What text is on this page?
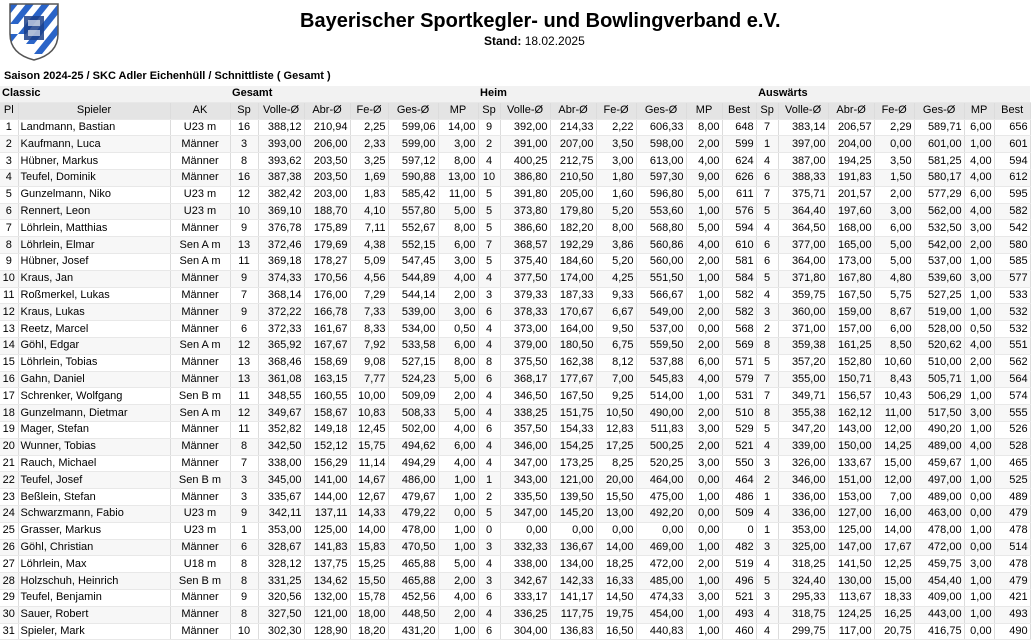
Bayerischer Sportkegler- und Bowlingverband e.V.
Stand: 18.02.2025
Saison 2024-25 / SKC Adler Eichenhüll / Schnittliste ( Gesamt )
Classic			Gesamt						Heim							Auswärts						
Pl	Spieler	AK	Sp	Volle-Ø	Abr-Ø	Fe-Ø	Ges-Ø	MP	Sp	Volle-Ø	Abr-Ø	Fe-Ø	Ges-Ø	MP	Best	Sp	Volle-Ø	Abr-Ø	Fe-Ø	Ges-Ø	MP	Best
1	Landmann, Bastian	U23 m	16	388,12	210,94	2,25	599,06	14,00	9	392,00	214,33	2,22	606,33	8,00	648	7	383,14	206,57	2,29	589,71	6,00	656
2	Kaufmann, Luca	Männer	3	393,00	206,00	2,33	599,00	3,00	2	391,00	207,00	3,50	598,00	2,00	599	1	397,00	204,00	0,00	601,00	1,00	601
3	Hübner, Markus	Männer	8	393,62	203,50	3,25	597,12	8,00	4	400,25	212,75	3,00	613,00	4,00	624	4	387,00	194,25	3,50	581,25	4,00	594
4	Teufel, Dominik	Männer	16	387,38	203,50	1,69	590,88	13,00	10	386,80	210,50	1,80	597,30	9,00	626	6	388,33	191,83	1,50	580,17	4,00	612
5	Gunzelmann, Niko	U23 m	12	382,42	203,00	1,83	585,42	11,00	5	391,80	205,00	1,60	596,80	5,00	611	7	375,71	201,57	2,00	577,29	6,00	595
6	Rennert, Leon	U23 m	10	369,10	188,70	4,10	557,80	5,00	5	373,80	179,80	5,20	553,60	1,00	576	5	364,40	197,60	3,00	562,00	4,00	582
7	Löhrlein, Matthias	Männer	9	376,78	175,89	7,11	552,67	8,00	5	386,60	182,20	8,00	568,80	5,00	594	4	364,50	168,00	6,00	532,50	3,00	542
8	Löhrlein, Elmar	Sen A m	13	372,46	179,69	4,38	552,15	6,00	7	368,57	192,29	3,86	560,86	4,00	610	6	377,00	165,00	5,00	542,00	2,00	580
9	Hübner, Josef	Sen A m	11	369,18	178,27	5,09	547,45	3,00	5	375,40	184,60	5,20	560,00	2,00	581	6	364,00	173,00	5,00	537,00	1,00	585
10	Kraus, Jan	Männer	9	374,33	170,56	4,56	544,89	4,00	4	377,50	174,00	4,25	551,50	1,00	584	5	371,80	167,80	4,80	539,60	3,00	577
11	Roßmerkel, Lukas	Männer	7	368,14	176,00	7,29	544,14	2,00	3	379,33	187,33	9,33	566,67	1,00	582	4	359,75	167,50	5,75	527,25	1,00	533
12	Kraus, Lukas	Männer	9	372,22	166,78	7,33	539,00	3,00	6	378,33	170,67	6,67	549,00	2,00	582	3	360,00	159,00	8,67	519,00	1,00	532
13	Reetz, Marcel	Männer	6	372,33	161,67	8,33	534,00	0,50	4	373,00	164,00	9,50	537,00	0,00	568	2	371,00	157,00	6,00	528,00	0,50	532
14	Göhl, Edgar	Sen A m	12	365,92	167,67	7,92	533,58	6,00	4	379,00	180,50	6,75	559,50	2,00	569	8	359,38	161,25	8,50	520,62	4,00	551
15	Löhrlein, Tobias	Männer	13	368,46	158,69	9,08	527,15	8,00	8	375,50	162,38	8,12	537,88	6,00	571	5	357,20	152,80	10,60	510,00	2,00	562
16	Gahn, Daniel	Männer	13	361,08	163,15	7,77	524,23	5,00	6	368,17	177,67	7,00	545,83	4,00	579	7	355,00	150,71	8,43	505,71	1,00	564
17	Schrenker, Wolfgang	Sen B m	11	348,55	160,55	10,00	509,09	2,00	4	346,50	167,50	9,25	514,00	1,00	531	7	349,71	156,57	10,43	506,29	1,00	574
18	Gunzelmann, Dietmar	Sen A m	12	349,67	158,67	10,83	508,33	5,00	4	338,25	151,75	10,50	490,00	2,00	510	8	355,38	162,12	11,00	517,50	3,00	555
19	Mager, Stefan	Männer	11	352,82	149,18	12,45	502,00	4,00	6	357,50	154,33	12,83	511,83	3,00	529	5	347,20	143,00	12,00	490,20	1,00	526
20	Wunner, Tobias	Männer	8	342,50	152,12	15,75	494,62	6,00	4	346,00	154,25	17,25	500,25	2,00	521	4	339,00	150,00	14,25	489,00	4,00	528
21	Rauch, Michael	Männer	7	338,00	156,29	11,14	494,29	4,00	4	347,00	173,25	8,25	520,25	3,00	550	3	326,00	133,67	15,00	459,67	1,00	465
22	Teufel, Josef	Sen B m	3	345,00	141,00	14,67	486,00	1,00	1	343,00	121,00	20,00	464,00	0,00	464	2	346,00	151,00	12,00	497,00	1,00	525
23	Beßlein, Stefan	Männer	3	335,67	144,00	12,67	479,67	1,00	2	335,50	139,50	15,50	475,00	1,00	486	1	336,00	153,00	7,00	489,00	0,00	489
24	Schwarzmann, Fabio	U23 m	9	342,11	137,11	14,33	479,22	0,00	5	347,00	145,20	13,00	492,20	0,00	509	4	336,00	127,00	16,00	463,00	0,00	479
25	Grasser, Markus	U23 m	1	353,00	125,00	14,00	478,00	1,00	0	0,00	0,00	0,00	0,00	0,00	0	1	353,00	125,00	14,00	478,00	1,00	478
26	Göhl, Christian	Männer	6	328,67	141,83	15,83	470,50	1,00	3	332,33	136,67	14,00	469,00	1,00	482	3	325,00	147,00	17,67	472,00	0,00	514
27	Löhrlein, Max	U18 m	8	328,12	137,75	15,25	465,88	5,00	4	338,00	134,00	18,25	472,00	2,00	519	4	318,25	141,50	12,25	459,75	3,00	478
28	Holzschuh, Heinrich	Sen B m	8	331,25	134,62	15,50	465,88	2,00	3	342,67	142,33	16,33	485,00	1,00	496	5	324,40	130,00	15,00	454,40	1,00	479
29	Teufel, Benjamin	Männer	9	320,56	132,00	15,78	452,56	4,00	6	333,17	141,17	14,50	474,33	3,00	521	3	295,33	113,67	18,33	409,00	1,00	421
30	Sauer, Robert	Männer	8	327,50	121,00	18,00	448,50	2,00	4	336,25	117,75	19,75	454,00	1,00	493	4	318,75	124,25	16,25	443,00	1,00	493
31	Spieler, Mark	Männer	10	302,30	128,90	18,20	431,20	1,00	6	304,00	136,83	16,50	440,83	1,00	460	4	299,75	117,00	20,75	416,75	0,00	490
